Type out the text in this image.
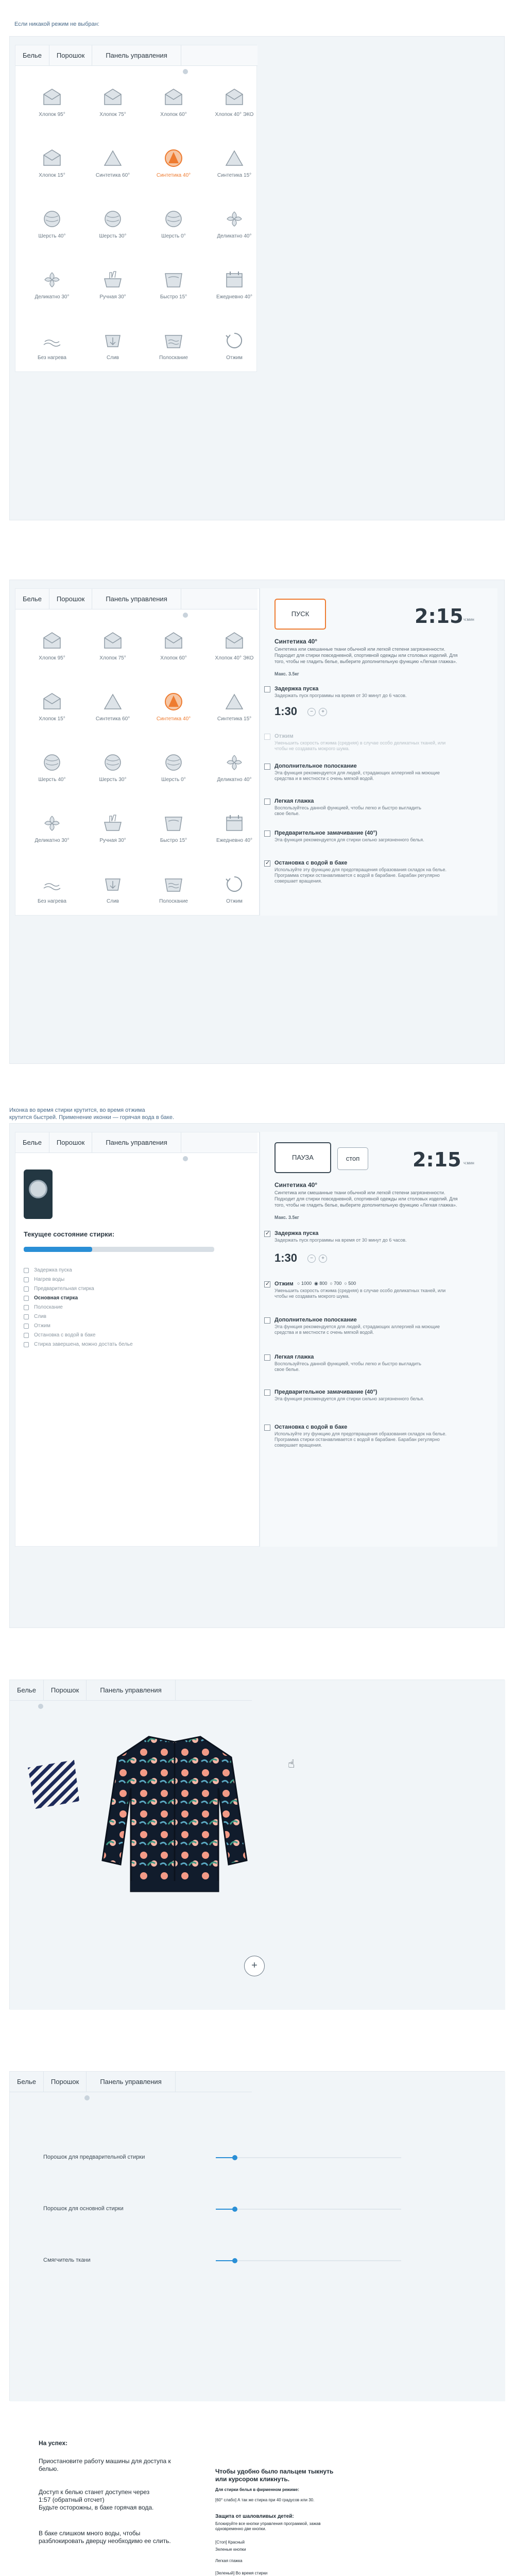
Если никакой режим не выбран:
Белье	Порошок	Панель управления
Хлопок 95°	Хлопок 75°	Хлопок 60°	Хлопок 40° ЭКО
Хлопок 15°	Синтетика 60°	Синтетика 40°	Синтетика 15°
Шерсть 40°	Шерсть 30°	Шерсть 0°	Деликатно 40°
Деликатно 30°	Ручная 30°	Быстро 15°	Ежедневно 40°
Без нагрева	Слив	Полоскание	Отжим
Белье	Порошок	Панель управления
Хлопок 95°	Хлопок 75°	Хлопок 60°	Хлопок 40° ЭКО
Хлопок 15°	Синтетика 60°	Синтетика 40°	Синтетика 15°
Шерсть 40°	Шерсть 30°	Шерсть 0°	Деликатно 40°
Деликатно 30°	Ручная 30°	Быстро 15°	Ежедневно 40°
Без нагрева	Слив	Полоскание	Отжим
ПУСК	2:15 ч:мин
Синтетика 40°
Синтетика или смешанные ткани обычной или легкой степени загрязненности. Подходит для стирки повседневной, спортивной одежды или столовых изделий. Для того, чтобы не гладить белье, выберите дополнительную функцию «Легкая глажка».
Макс. 3.5кг
Задержка пуска
Задержать пуск программы на время от 30 минут до 6 часов.
1:30	−	+
Отжим
Уменьшить скорость отжима (средняя) в случае особо деликатных тканей, или чтобы не создавать мокрого шума.
Дополнительное полоскание
Эта функция рекомендуется для людей, страдающих аллергией на моющие средства и в местности с очень мягкой водой.
Легкая глажка
Воспользуйтесь данной функцией, чтобы легко и быстро выгладить свое белье.
Предварительное замачивание (40°)
Эта функция рекомендуется для стирки сильно загрязненного белья.
✓
Остановка с водой в баке
Используйте эту функцию для предотвращения образования складок на белье. Программа стирки останавливается с водой в барабане. Барабан регулярно совершает вращения.
Иконка во время стирки крутится, во время отжима
крутится быстрей. Применение иконки — горячая вода в баке.
Белье	Порошок	Панель управления
Текущее состояние стирки:
Задержка пуска
Нагрев воды
Предварительная стирка
Основная стирка
Полоскание
Слив
Отжим
Остановка с водой в баке
Стирка завершена, можно достать белье
ПАУЗА	стоп	2:15 ч:мин
Синтетика 40°
Синтетика или смешанные ткани обычной или легкой степени загрязненности. Подходит для стирки повседневной, спортивной одежды или столовых изделий. Для того, чтобы не гладить белье, выберите дополнительную функцию «Легкая глажка».
Макс. 3.5кг
✓
Задержка пуска
Задержать пуск программы на время от 30 минут до 6 часов.
1:30	−	+
✓
Отжим ○ 1000  ◉ 800  ○ 700  ○ 500
Уменьшить скорость отжима (средняя) в случае особо деликатных тканей, или чтобы не создавать мокрого шума.
Дополнительное полоскание
Эта функция рекомендуется для людей, страдающих аллергией на моющие средства и в местности с очень мягкой водой.
Легкая глажка
Воспользуйтесь данной функцией, чтобы легко и быстро выгладить свое белье.
Предварительное замачивание (40°)
Эта функция рекомендуется для стирки сильно загрязненного белья.
Остановка с водой в баке
Используйте эту функцию для предотвращения образования складок на белье. Программа стирки останавливается с водой в барабане. Барабан регулярно совершает вращения.
Белье	Порошок	Панель управления
☝
+
Белье	Порошок	Панель управления
Порошок для предварительной стирки
Порошок для основной стирки
Смягчитель ткани
На успех:
Приостановите работу машины для доступа к белью.
Доступ к белью станет доступен через
1:57 (обратный отсчет)
Будьте осторожны, в баке горячая вода.
В баке слишком много воды, чтобы разблокировать дверцу необходимо ее слить.
Чтобы удобно было пальцем тыкнуть или курсором кликнуть.
Для стирки белья в фирменном режиме:
[60° слабо] А так же стирка при 40 градусов или 30.
Защита от шаловливых детей:
Блокируйте все кнопки управления программой, зажав одновременно две кнопки.
[Стоп] Красный
Зеленые кнопки
Легкая глажка
[Зеленый] Во время стирки
